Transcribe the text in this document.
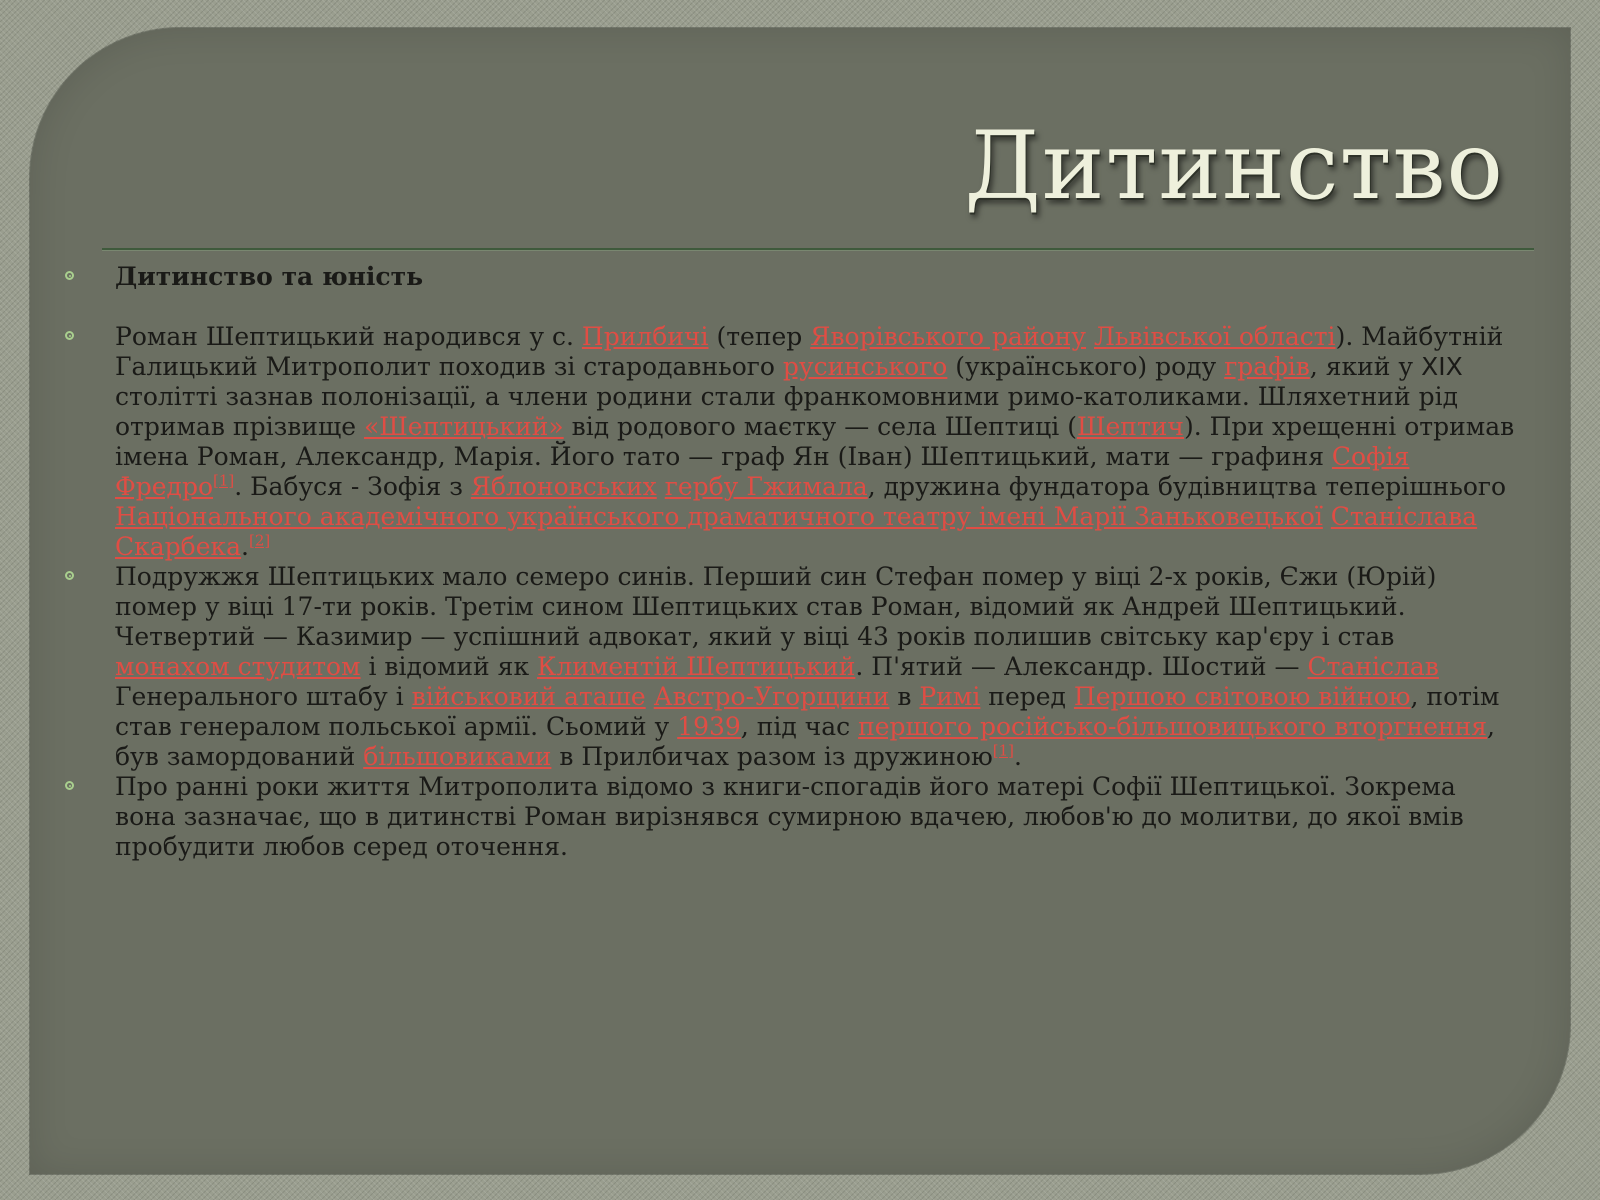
Дитинство
Дитинство та юність
Роман Шептицький народився у с. Прилбичі (тепер Яворівського району Львівської області). Майбутній Галицький Митрополит походив зі стародавнього русинського (українського) роду графів, який у XIX столітті зазнав полонізації, а члени родини стали франкомовними римо-католиками. Шляхетний рід отримав прізвище «Шептицький» від родового маєтку — села Шептиці (Шептич). При хрещенні отримав імена Роман, Александр, Марія. Його тато — граф Ян (Іван) Шептицький, мати — графиня Софія Фредро[1]. Бабуся - Зофія з Яблоновських гербу Гжимала, дружина фундатора будівництва теперішнього Національного академічного українського драматичного театру імені Марії Заньковецької Станіслава Скарбека.[2]
Подружжя Шептицьких мало семеро синів. Перший син Стефан помер у віці 2-х років, Єжи (Юрій) помер у віці 17-ти років. Третім сином Шептицьких став Роман, відомий як Андрей Шептицький. Четвертий — Казимир — успішний адвокат, який у віці 43 років полишив світську кар'єру і став монахом студитом і відомий як Климентій Шептицький. П'ятий — Александр. Шостий — Станіслав Генерального штабу і військовий аташе Австро-Угорщини в Римі перед Першою світовою війною, потім став генералом польської армії. Сьомий у 1939, під час першого російсько-більшовицького вторгнення, був замордований більшовиками в Прилбичах разом із дружиною[1].
Про ранні роки життя Митрополита відомо з книги-спогадів його матері Софії Шептицької. Зокрема вона зазначає, що в дитинстві Роман вирізнявся сумирною вдачею, любов'ю до молитви, до якої вмів пробудити любов серед оточення.
